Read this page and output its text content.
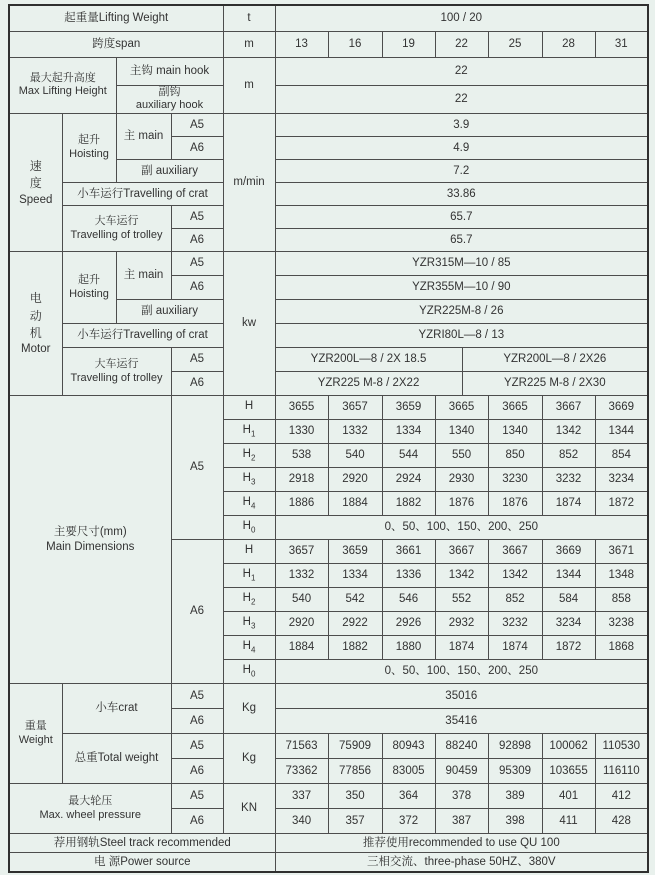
起重量Lifting Weight				t	100 / 20							
跨度span				m	13	16	19	22		25	28	31

最大起升高度
Max Lifting Height		主钩 main hook		m	22							

		副钩
auxiliary hook			22							
速度
Speed

起升
Hoisting
	主 main	A5	m/min	3.9
			A6		4.9							
		副 auxiliary			7.2							
	小车运行Travelling of crat				33.86							

	大车运行
Travelling of trolley		A5		65.7							
			A6		65.7							
电动机
Motor

起升
Hoisting
	主 main	A5	kw	YZR315M—10 / 85
			A6		YZR355M—10 / 90							
		副 auxiliary			YZR225M-8 / 26							
	小车运行Travelling of crat				YZRI80L—8 / 13							

	大车运行
Travelling of trolley		A5		YZR200L—8 / 2X 18.5				YZR200L—8 / 2X26			
			A6		YZR225 M-8 / 2X22				YZR225 M-8 / 2X30			

主要尺寸(mm)
Main Dimensions			A5	H	3655	3657	3659	3665		3665	3667	3669
				$H_1$	1330	1332	1334	1340		1340	1342	1344
				$H_2$	538	540	544	550		850	852	854
				$H_3$	2918	2920	2924	2930		3230	3232	3234
				$H_4$	1886	1884	1882	1876		1876	1874	1872
				$H_0$	0、50、100、150、200、250							
			A6	H	3657	3659	3661	3667		3667	3669	3671
				$H_1$	1332	1334	1336	1342		1342	1344	1348
				$H_2$	540	542	546	552		852	584	858
				$H_3$	2920	2922	2926	2932		3232	3234	3238
				$H_4$	1884	1882	1880	1874		1874	1872	1868
				$H_0$	0、50、100、150、200、250							

重量
Weight	小车crat		A5	Kg	35016							
			A6		35416							
	总重Total weight		A5	Kg	71563	75909	80943	88240		92898	100062	110530
			A6		73362	77856	83005	90459		95309	103655	116110

最大轮压
Max. wheel pressure			A5	KN	337	350	364	378		389	401	412
			A6		340	357	372	387		398	411	428
荐用钢轨Steel track recommended					推荐使用recommended to use QU 100							
电 源Power source					三相交流、three-phase 50HZ、380V							
